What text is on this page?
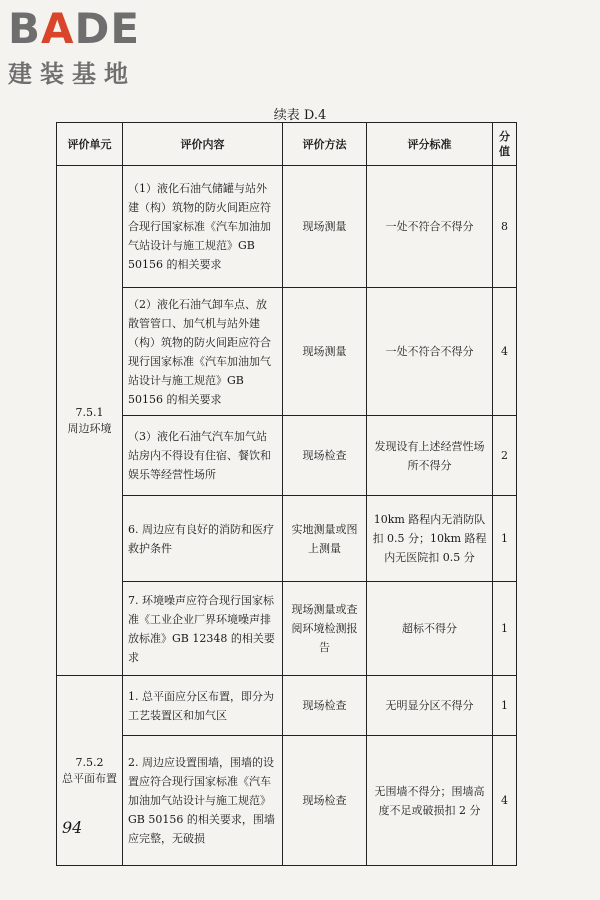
B A DE
建装基地
续表 D.4
评价单元	评价内容	评价方法	评分标准	分值

7.5.1
周边环境	（1）液化石油气储罐与站外建（构）筑物的防火间距应符合现行国家标准《汽车加油加气站设计与施工规范》GB 50156 的相关要求	现场测量	一处不符合不得分	8
	（2）液化石油气卸车点、放散管管口、加气机与站外建（构）筑物的防火间距应符合现行国家标准《汽车加油加气站设计与施工规范》GB 50156 的相关要求	现场测量	一处不符合不得分	4
	（3）液化石油气汽车加气站站房内不得设有住宿、餐饮和娱乐等经营性场所	现场检查	发现设有上述经营性场所不得分	2
	6. 周边应有良好的消防和医疗救护条件	实地测量或图上测量	10km 路程内无消防队扣 0.5 分；10km 路程内无医院扣 0.5 分	1
	7. 环境噪声应符合现行国家标准《工业企业厂界环境噪声排放标准》GB 12348 的相关要求	现场测量或查阅环境检测报告	超标不得分	1

7.5.2
总平面布置	1. 总平面应分区布置，即分为工艺装置区和加气区	现场检查	无明显分区不得分	1
	2. 周边应设置围墙，围墙的设置应符合现行国家标准《汽车加油加气站设计与施工规范》GB 50156 的相关要求，围墙应完整，无破损	现场检查	无围墙不得分；围墙高度不足或破损扣 2 分	4
94
